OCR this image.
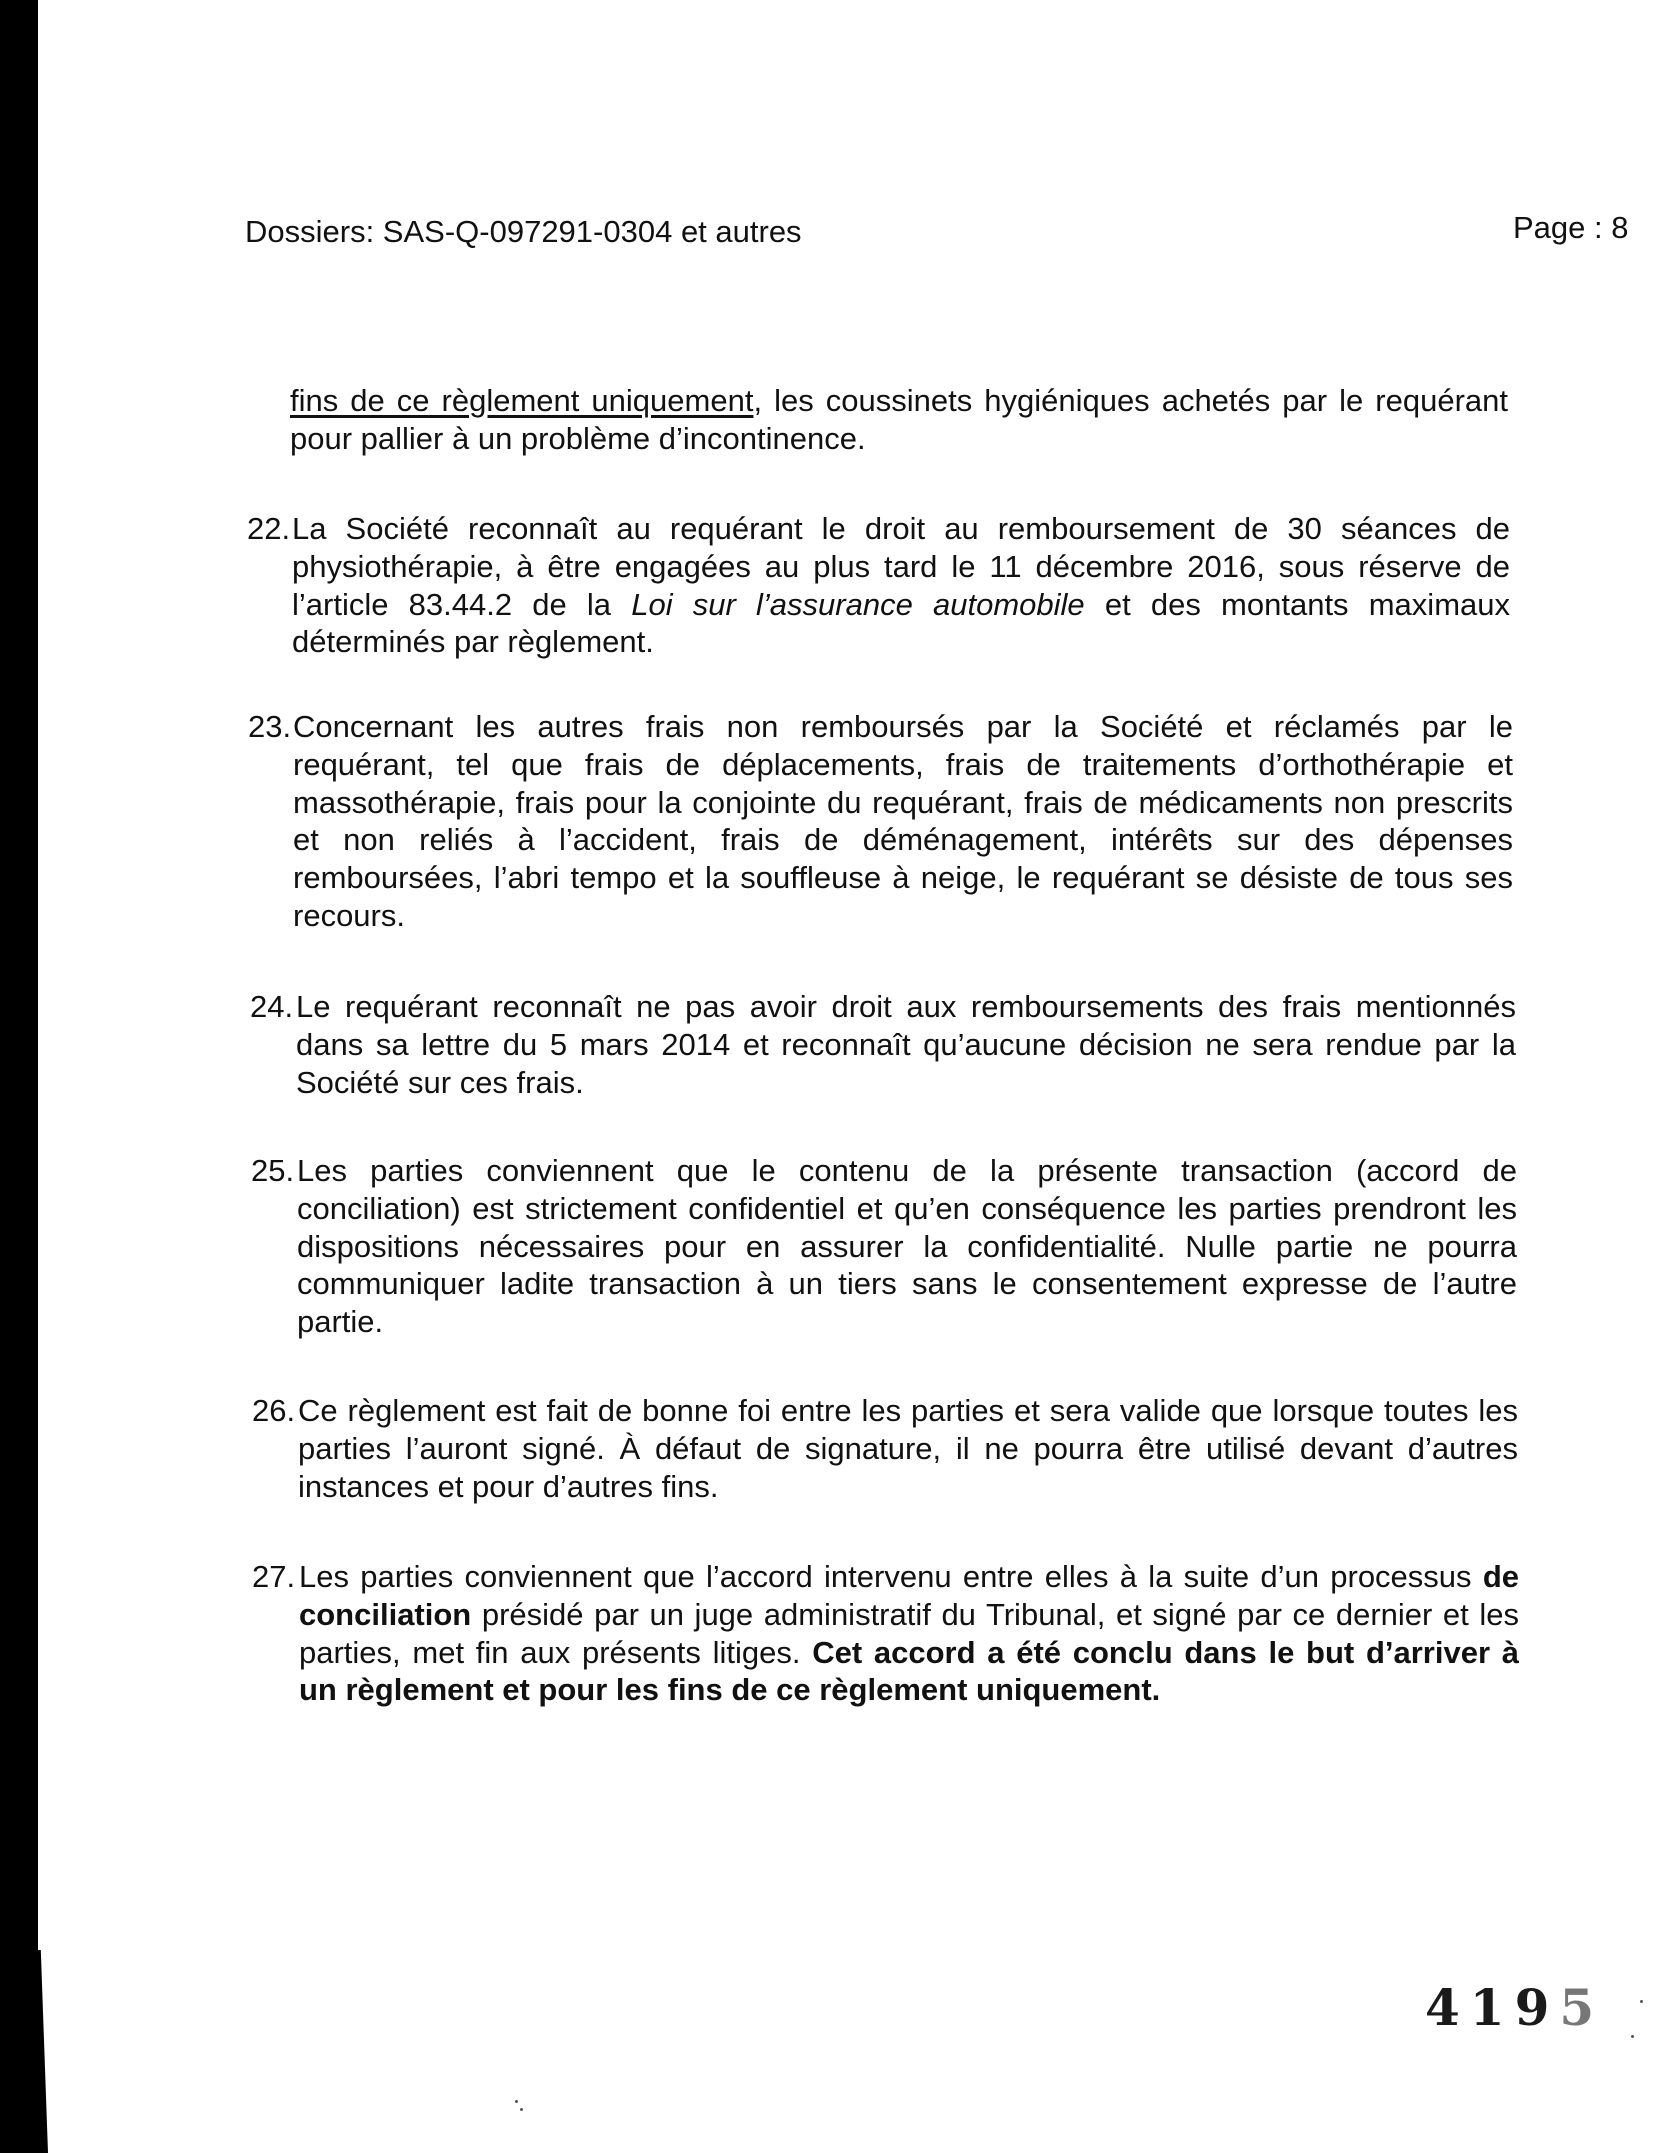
Dossiers: SAS-Q-097291-0304 et autres	Page : 8
fins de ce règlement uniquement, les coussinets hygiéniques achetés par le requérant
pour pallier à un problème d’incontinence.
22. La Société reconnaît au requérant le droit au remboursement de 30 séances de
physiothérapie, à être engagées au plus tard le 11 décembre 2016, sous réserve de
l’article 83.44.2 de la Loi sur l’assurance automobile et des montants maximaux
déterminés par règlement.
23. Concernant les autres frais non remboursés par la Société et réclamés par le
requérant, tel que frais de déplacements, frais de traitements d’orthothérapie et
massothérapie, frais pour la conjointe du requérant, frais de médicaments non prescrits
et non reliés à l’accident, frais de déménagement, intérêts sur des dépenses
remboursées, l’abri tempo et la souffleuse à neige, le requérant se désiste de tous ses
recours.
24. Le requérant reconnaît ne pas avoir droit aux remboursements des frais mentionnés
dans sa lettre du 5 mars 2014 et reconnaît qu’aucune décision ne sera rendue par la
Société sur ces frais.
25. Les parties conviennent que le contenu de la présente transaction (accord de
conciliation) est strictement confidentiel et qu’en conséquence les parties prendront les
dispositions nécessaires pour en assurer la confidentialité. Nulle partie ne pourra
communiquer ladite transaction à un tiers sans le consentement expresse de l’autre
partie.
26. Ce règlement est fait de bonne foi entre les parties et sera valide que lorsque toutes les
parties l’auront signé. À défaut de signature, il ne pourra être utilisé devant d’autres
instances et pour d’autres fins.
27. Les parties conviennent que l’accord intervenu entre elles à la suite d’un processus de
conciliation présidé par un juge administratif du Tribunal, et signé par ce dernier et les
parties, met fin aux présents litiges. Cet accord a été conclu dans le but d’arriver à
un règlement et pour les fins de ce règlement uniquement.
4195
